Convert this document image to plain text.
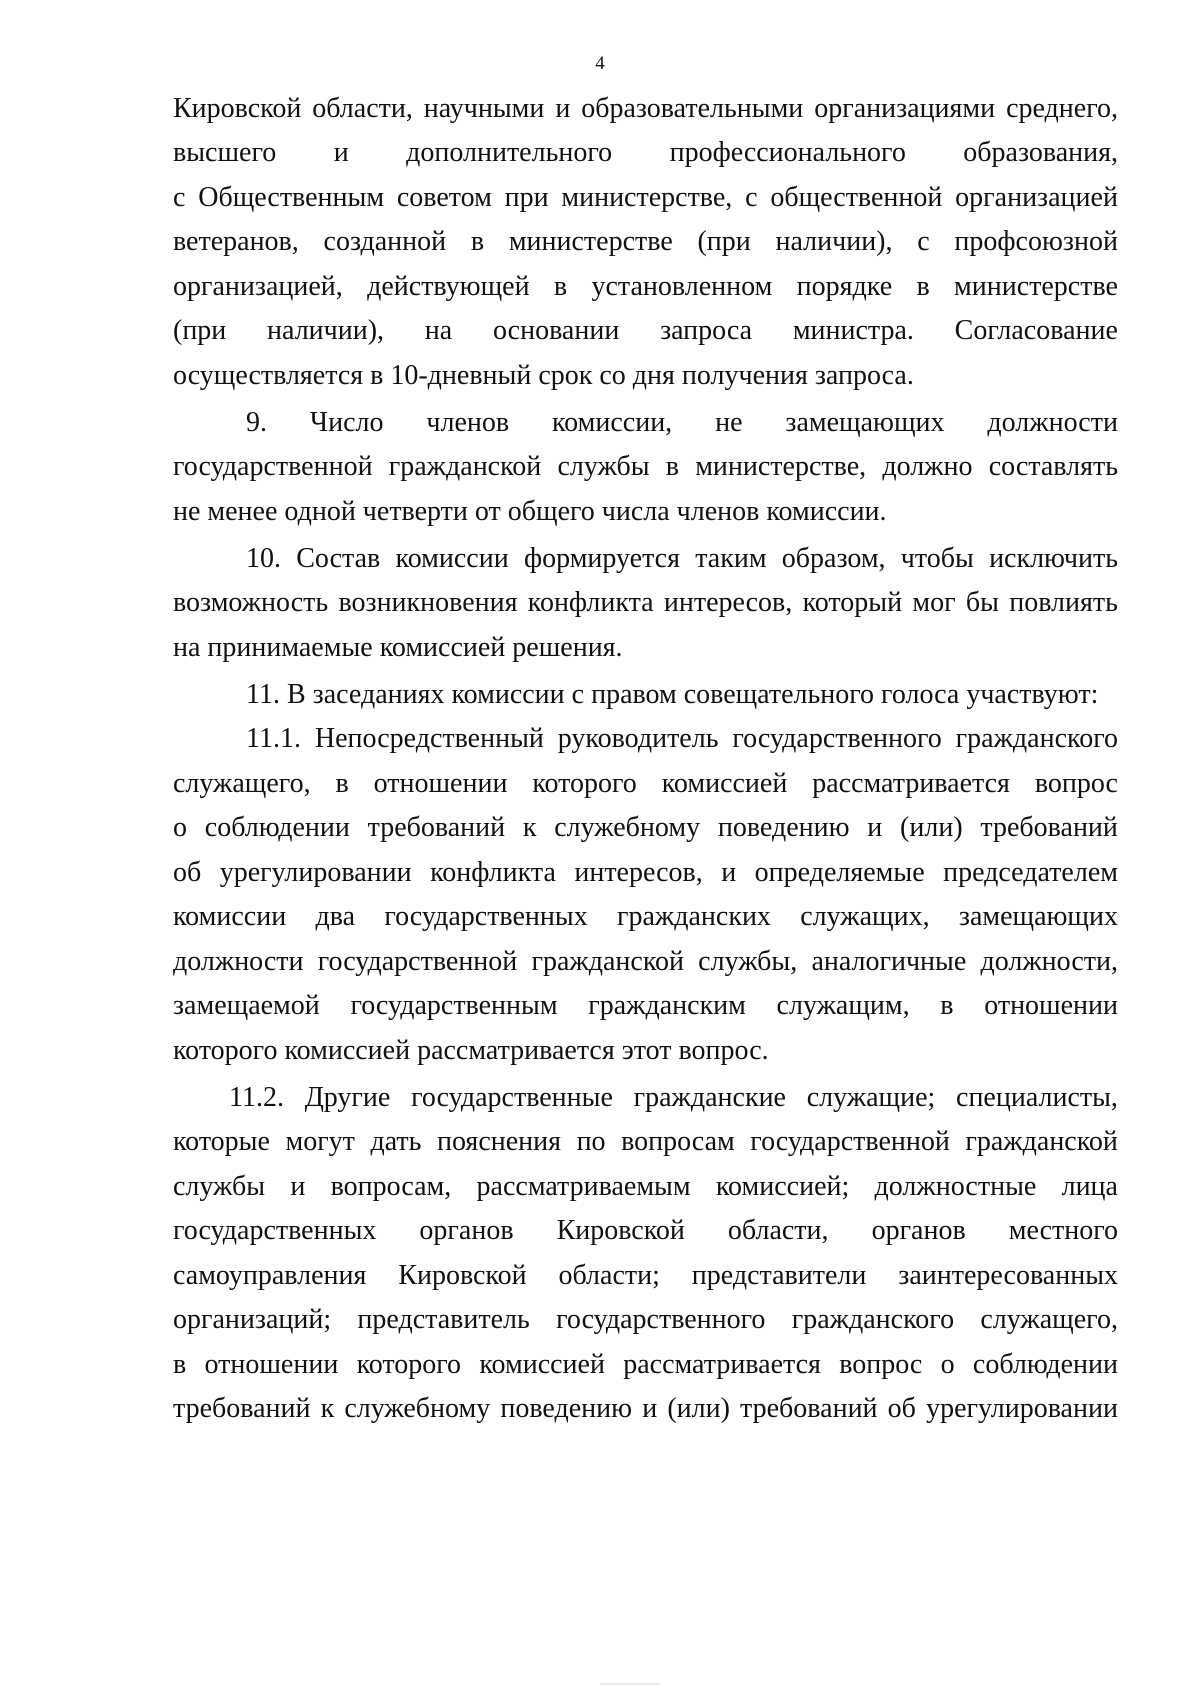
4
Кировской области, научными и образовательными организациями среднего,
высшего и дополнительного профессионального образования,
с Общественным советом при министерстве, с общественной организацией
ветеранов, созданной в министерстве (при наличии), с профсоюзной
организацией, действующей в установленном порядке в министерстве
(при наличии), на основании запроса министра. Согласование
осуществляется в 10-дневный срок со дня получения запроса.
9. Число членов комиссии, не замещающих должности
государственной гражданской службы в министерстве, должно составлять
не менее одной четверти от общего числа членов комиссии.
10. Состав комиссии формируется таким образом, чтобы исключить
возможность возникновения конфликта интересов, который мог бы повлиять
на принимаемые комиссией решения.
11. В заседаниях комиссии с правом совещательного голоса участвуют:
11.1. Непосредственный руководитель государственного гражданского
служащего, в отношении которого комиссией рассматривается вопрос
о соблюдении требований к служебному поведению и (или) требований
об урегулировании конфликта интересов, и определяемые председателем
комиссии два государственных гражданских служащих, замещающих
должности государственной гражданской службы, аналогичные должности,
замещаемой государственным гражданским служащим, в отношении
которого комиссией рассматривается этот вопрос.
11.2. Другие государственные гражданские служащие; специалисты,
которые могут дать пояснения по вопросам государственной гражданской
службы и вопросам, рассматриваемым комиссией; должностные лица
государственных органов Кировской области, органов местного
самоуправления Кировской области; представители заинтересованных
организаций; представитель государственного гражданского служащего,
в отношении которого комиссией рассматривается вопрос о соблюдении
требований к служебному поведению и (или) требований об урегулировании
